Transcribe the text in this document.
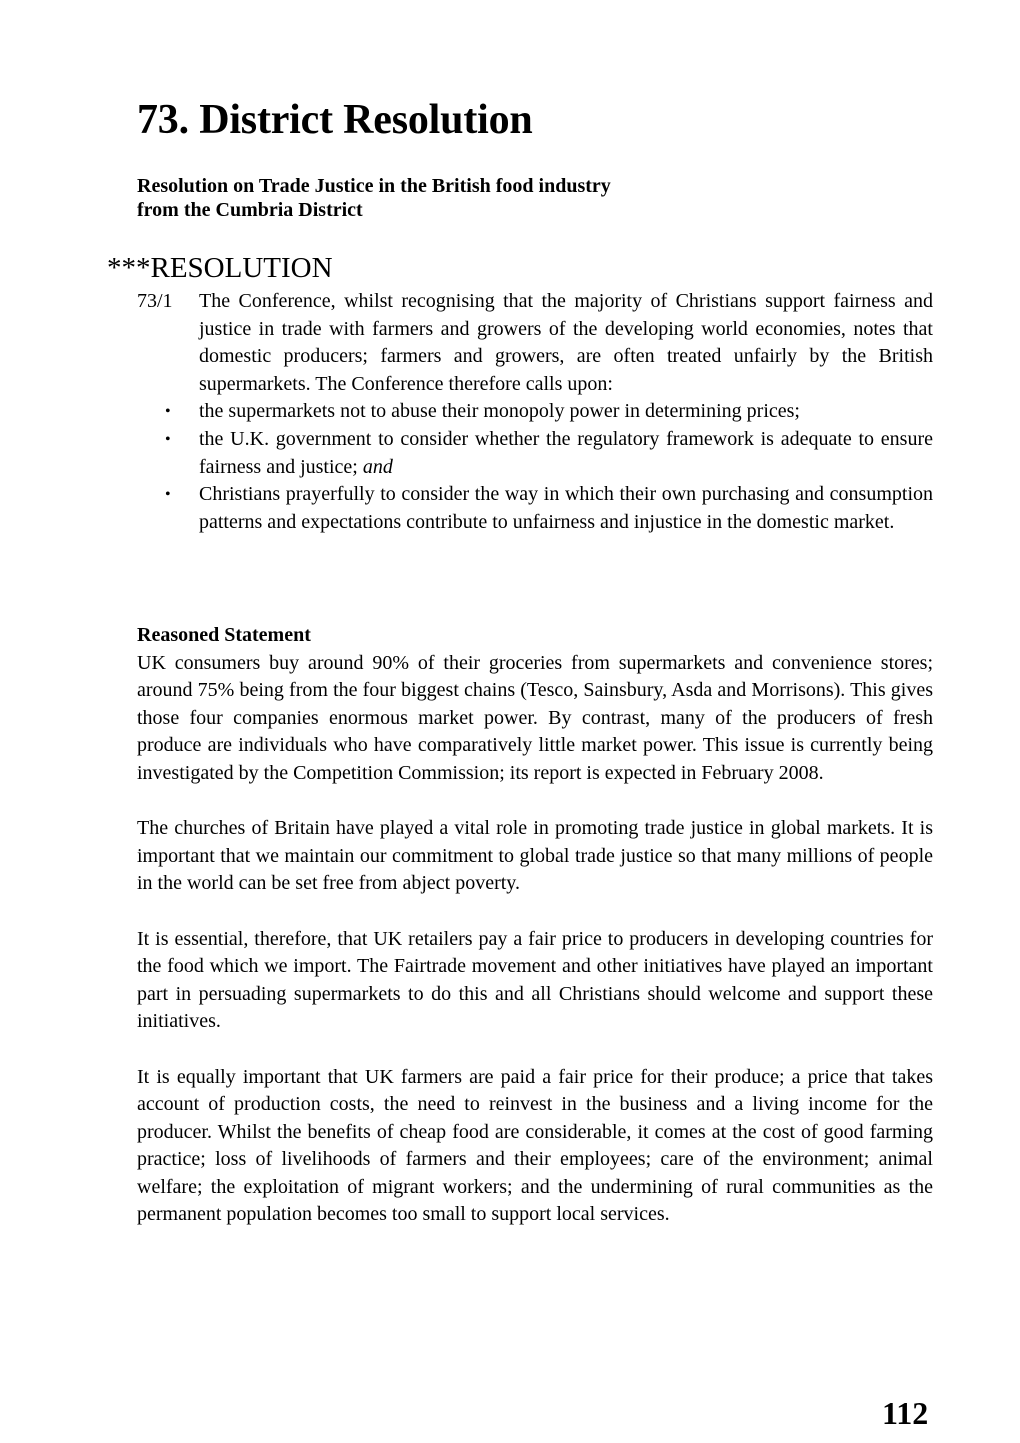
73. District Resolution
Resolution on Trade Justice in the British food industry
from the Cumbria District
***RESOLUTION
73/1 The Conference, whilst recognising that the majority of Christians support fairness and justice in trade with farmers and growers of the developing world economies, notes that domestic producers; farmers and growers, are often treated unfairly by the British supermarkets. The Conference therefore calls upon:

• the supermarkets not to abuse their monopoly power in determining prices;
• the U.K. government to consider whether the regulatory framework is adequate to ensure fairness and justice; and
• Christians prayerfully to consider the way in which their own purchasing and consumption patterns and expectations contribute to unfairness and injustice in the domestic market.
Reasoned Statement

UK consumers buy around 90% of their groceries from supermarkets and convenience stores; around 75% being from the four biggest chains (Tesco, Sainsbury, Asda and Morrisons). This gives those four companies enormous market power. By contrast, many of the producers of fresh produce are individuals who have comparatively little market power. This issue is currently being investigated by the Competition Commission; its report is expected in February 2008.

The churches of Britain have played a vital role in promoting trade justice in global markets. It is important that we maintain our commitment to global trade justice so that many millions of people in the world can be set free from abject poverty.

It is essential, therefore, that UK retailers pay a fair price to producers in developing countries for the food which we import. The Fairtrade movement and other initiatives have played an important part in persuading supermarkets to do this and all Christians should welcome and support these initiatives.

It is equally important that UK farmers are paid a fair price for their produce; a price that takes account of production costs, the need to reinvest in the business and a living income for the producer. Whilst the benefits of cheap food are considerable, it comes at the cost of good farming practice; loss of livelihoods of farmers and their employees; care of the environment; animal welfare; the exploitation of migrant workers; and the undermining of rural communities as the permanent population becomes too small to support local services.

112
